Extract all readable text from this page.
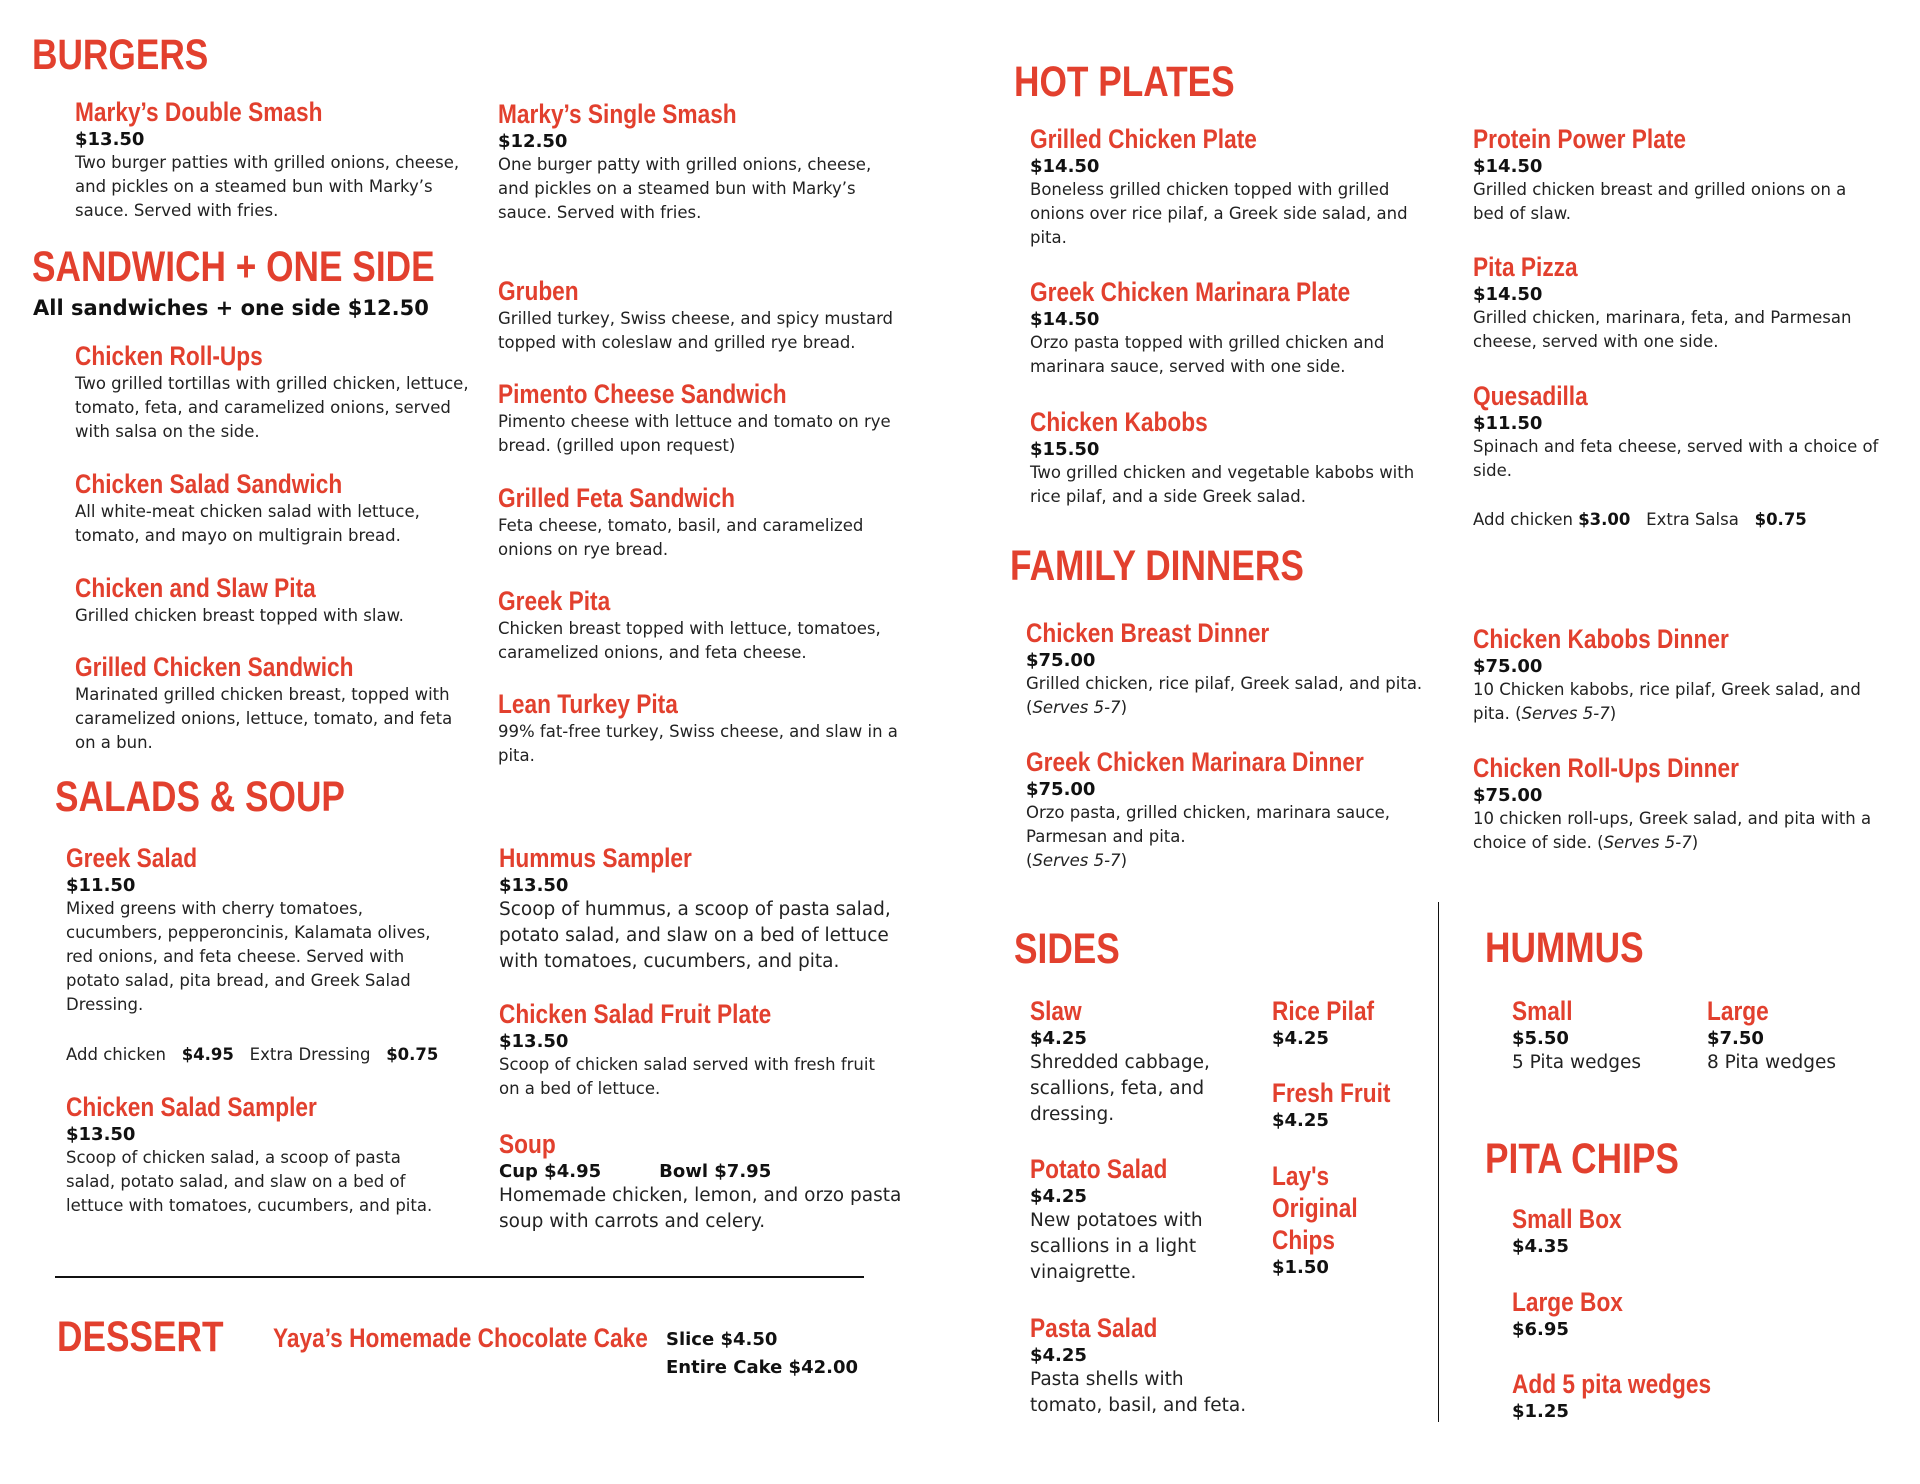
BURGERS
Marky’s Double Smash
$13.50
Two burger patties with grilled onions, cheese, and pickles on a steamed bun with Marky’s sauce. Served with fries.
Marky’s Single Smash
$12.50
One burger patty with grilled onions, cheese, and pickles on a steamed bun with Marky’s sauce. Served with fries.
SANDWICH + ONE SIDE
All sandwiches + one side $12.50
Chicken Roll-Ups
Two grilled tortillas with grilled chicken, lettuce, tomato, feta, and caramelized onions, served with salsa on the side.
Chicken Salad Sandwich
All white-meat chicken salad with lettuce, tomato, and mayo on multigrain bread.
Chicken and Slaw Pita
Grilled chicken breast topped with slaw.
Grilled Chicken Sandwich
Marinated grilled chicken breast, topped with caramelized onions, lettuce, tomato, and feta on a bun.
Gruben
Grilled turkey, Swiss cheese, and spicy mustard topped with coleslaw and grilled rye bread.
Pimento Cheese Sandwich
Pimento cheese with lettuce and tomato on rye bread. (grilled upon request)
Grilled Feta Sandwich
Feta cheese, tomato, basil, and caramelized onions on rye bread.
Greek Pita
Chicken breast topped with lettuce, tomatoes, caramelized onions, and feta cheese.
Lean Turkey Pita
99% fat-free turkey, Swiss cheese, and slaw in a pita.
SALADS & SOUP
Greek Salad
$11.50
Mixed greens with cherry tomatoes, cucumbers, pepperoncinis, Kalamata olives, red onions, and feta cheese. Served with potato salad, pita bread, and Greek Salad Dressing.
Add chicken $4.95 Extra Dressing $0.75
Chicken Salad Sampler
$13.50
Scoop of chicken salad, a scoop of pasta salad, potato salad, and slaw on a bed of lettuce with tomatoes, cucumbers, and pita.
Hummus Sampler
$13.50
Scoop of hummus, a scoop of pasta salad, potato salad, and slaw on a bed of lettuce with tomatoes, cucumbers, and pita.
Chicken Salad Fruit Plate
$13.50
Scoop of chicken salad served with fresh fruit on a bed of lettuce.
Soup
Cup $4.95	Bowl $7.95
Homemade chicken, lemon, and orzo pasta soup with carrots and celery.
DESSERT Yaya’s Homemade Chocolate Cake Slice $4.50
Entire Cake $42.00
HOT PLATES
Grilled Chicken Plate
$14.50
Boneless grilled chicken topped with grilled onions over rice pilaf, a Greek side salad, and pita.
Greek Chicken Marinara Plate
$14.50
Orzo pasta topped with grilled chicken and marinara sauce, served with one side.
Chicken Kabobs
$15.50
Two grilled chicken and vegetable kabobs with rice pilaf, and a side Greek salad.
Protein Power Plate
$14.50
Grilled chicken breast and grilled onions on a bed of slaw.
Pita Pizza
$14.50
Grilled chicken, marinara, feta, and Parmesan cheese, served with one side.
Quesadilla
$11.50
Spinach and feta cheese, served with a choice of side.
Add chicken $3.00 Extra Salsa $0.75
FAMILY DINNERS
Chicken Breast Dinner
$75.00
Grilled chicken, rice pilaf, Greek salad, and pita. (Serves 5-7)
Greek Chicken Marinara Dinner
$75.00
Orzo pasta, grilled chicken, marinara sauce, Parmesan and pita.
(Serves 5-7)
Chicken Kabobs Dinner
$75.00
10 Chicken kabobs, rice pilaf, Greek salad, and pita. (Serves 5-7)
Chicken Roll-Ups Dinner
$75.00
10 chicken roll-ups, Greek salad, and pita with a choice of side. (Serves 5-7)
SIDES
Slaw
$4.25
Shredded cabbage, scallions, feta, and dressing.
Potato Salad
$4.25
New potatoes with scallions in a light vinaigrette.
Pasta Salad
$4.25
Pasta shells with tomato, basil, and feta.
Rice Pilaf
$4.25
Fresh Fruit
$4.25
Lay's Original Chips
$1.50
HUMMUS
Small
$5.50
5 Pita wedges
Large
$7.50
8 Pita wedges
PITA CHIPS
Small Box
$4.35
Large Box
$6.95
Add 5 pita wedges
$1.25
